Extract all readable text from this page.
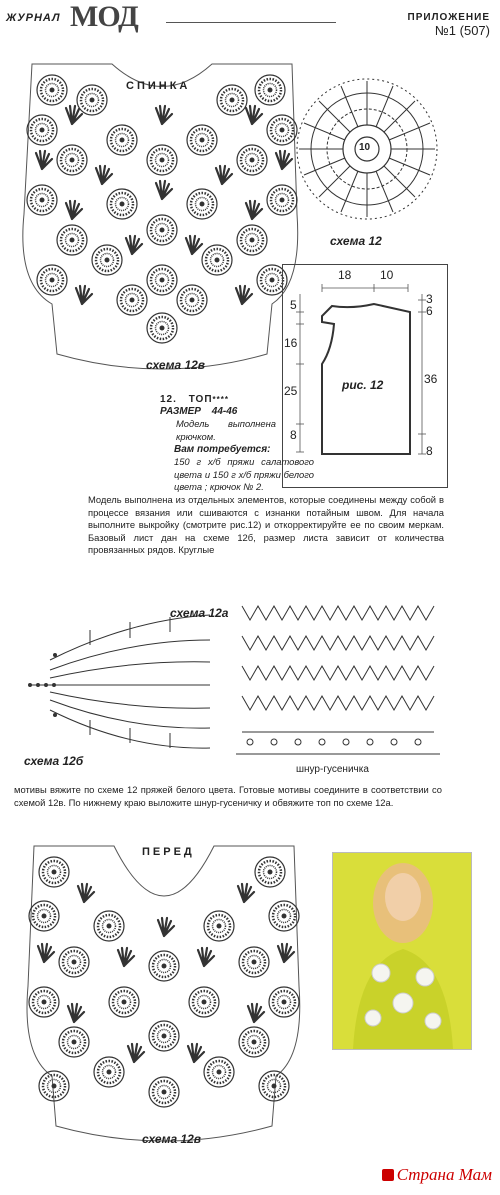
ЖУРНАЛ МОД	ПРИЛОЖЕНИЕ
№1 (507)
СПИНКА
схема 12в
10
схема 12
18 10
5
16
25
8
3
6
36
8
рис. 12
12. ТОП****
РАЗМЕР 44-46
Модель выполнена крючком.
Вам потребуется:
150 г х/б пряжи салатового цвета и 150 г х/б пряжи белого цвета ; крючок № 2.
Модель выполнена из отдельных элементов, которые соединены между собой в процессе вязания или сшиваются с изнанки потайным швом. Для начала выполните выкройку (смотрите рис.12) и откорректируйте ее по своим меркам. Базовый лист дан на схеме 12б, размер листа зависит от количества провязанных рядов. Круглые
схема 12б
схема 12а
шнур-гусеничка
мотивы вяжите по схеме 12 пряжей белого цвета. Готовые мотивы соедините в соответствии со схемой 12в. По нижнему краю выложите шнур-гусеничку и обвяжите топ по схеме 12а.
ПЕРЕД
схема 12в
Страна Мам
